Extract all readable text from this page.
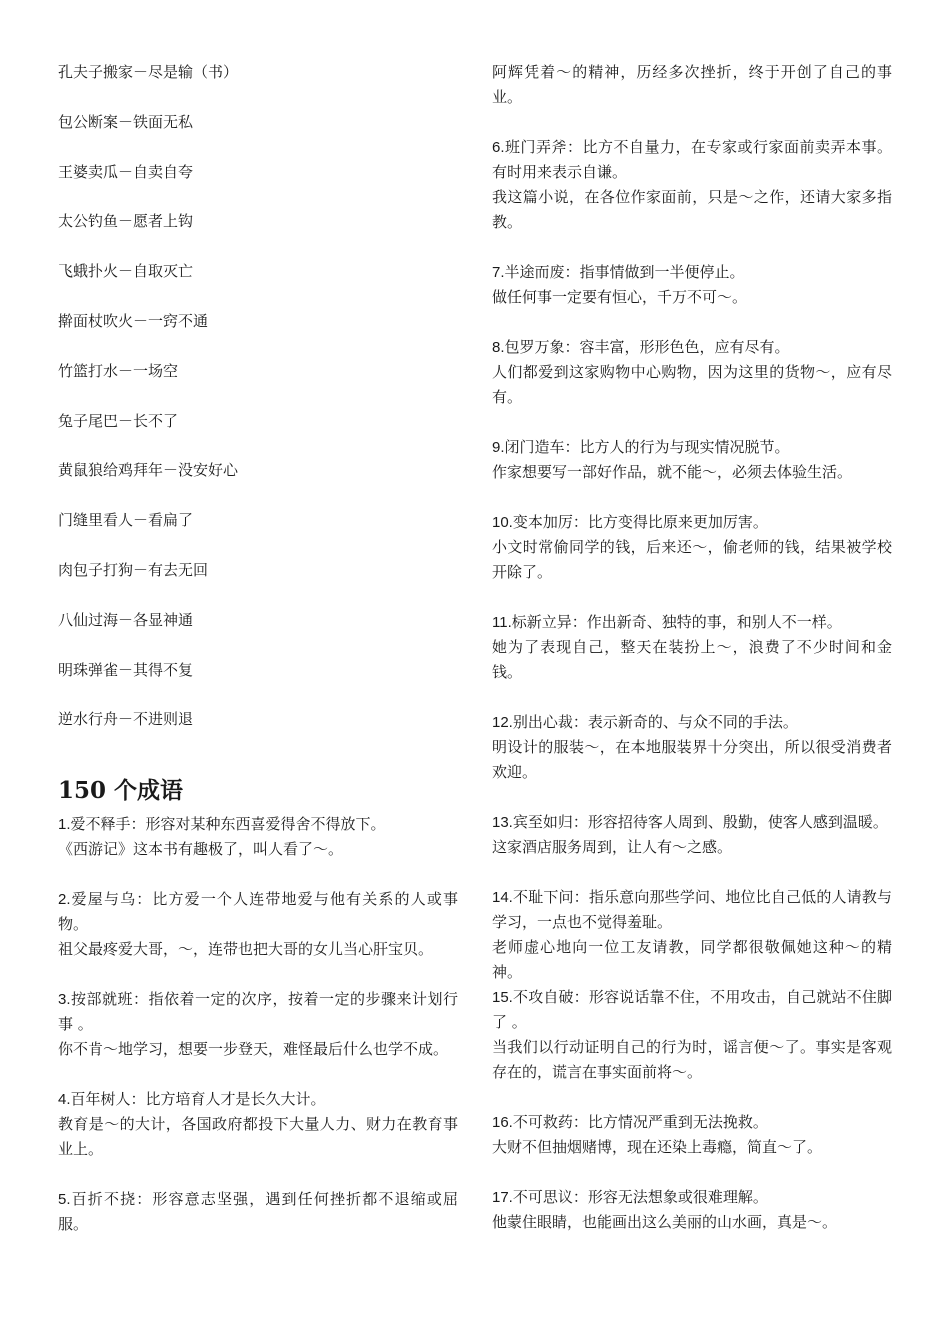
孔夫子搬家－尽是输（书）
包公断案－铁面无私
王婆卖瓜－自卖自夸
太公钓鱼－愿者上钩
飞蛾扑火－自取灭亡
擀面杖吹火－一窍不通
竹篮打水－一场空
兔子尾巴－长不了
黄鼠狼给鸡拜年－没安好心
门缝里看人－看扁了
肉包子打狗－有去无回
八仙过海－各显神通
明珠弹雀－其得不复
逆水行舟－不进则退
150 个成语

1.爱不释手：形容对某种东西喜爱得舍不得放下。

《西游记》这本书有趣极了，叫人看了～。

2.爱屋与乌：比方爱一个人连带地爱与他有关系的人或事物。

祖父最疼爱大哥，～，连带也把大哥的女儿当心肝宝贝。

3.按部就班：指依着一定的次序，按着一定的步骤来计划行事 。

你不肯～地学习，想要一步登天，难怪最后什么也学不成。

4.百年树人：比方培育人才是长久大计。

教育是～的大计，各国政府都投下大量人力、财力在教育事业上。

5.百折不挠：形容意志坚强，遇到任何挫折都不退缩或屈服。

阿辉凭着～的精神，历经多次挫折，终于开创了自己的事业。

6.班门弄斧：比方不自量力，在专家或行家面前卖弄本事。有时用来表示自谦。

我这篇小说，在各位作家面前，只是～之作，还请大家多指教。

7.半途而废：指事情做到一半便停止。

做任何事一定要有恒心，千万不可～。

8.包罗万象：容丰富，形形色色，应有尽有。

人们都爱到这家购物中心购物，因为这里的货物～，应有尽有。

9.闭门造车：比方人的行为与现实情况脱节。

作家想要写一部好作品，就不能～，必须去体验生活。

10.变本加厉：比方变得比原来更加厉害。

小文时常偷同学的钱，后来还～，偷老师的钱，结果被学校开除了。

11.标新立异：作出新奇、独特的事，和别人不一样。

她为了表现自己，整天在装扮上～，浪费了不少时间和金钱。

12.别出心裁：表示新奇的、与众不同的手法。

明设计的服装～，在本地服装界十分突出，所以很受消费者欢迎。

13.宾至如归：形容招待客人周到、殷勤，使客人感到温暖。

这家酒店服务周到，让人有～之感。

14.不耻下问：指乐意向那些学问、地位比自己低的人请教与学习，一点也不觉得羞耻。

老师虚心地向一位工友请教，同学都很敬佩她这种～的精神。

15.不攻自破：形容说话靠不住，不用攻击，自己就站不住脚了 。

当我们以行动证明自己的行为时，谣言便～了。事实是客观存在的，谎言在事实面前将～。

16.不可救药：比方情况严重到无法挽救。

大财不但抽烟赌博，现在还染上毒瘾，简直～了。

17.不可思议：形容无法想象或很难理解。

他蒙住眼睛，也能画出这么美丽的山水画，真是～。
